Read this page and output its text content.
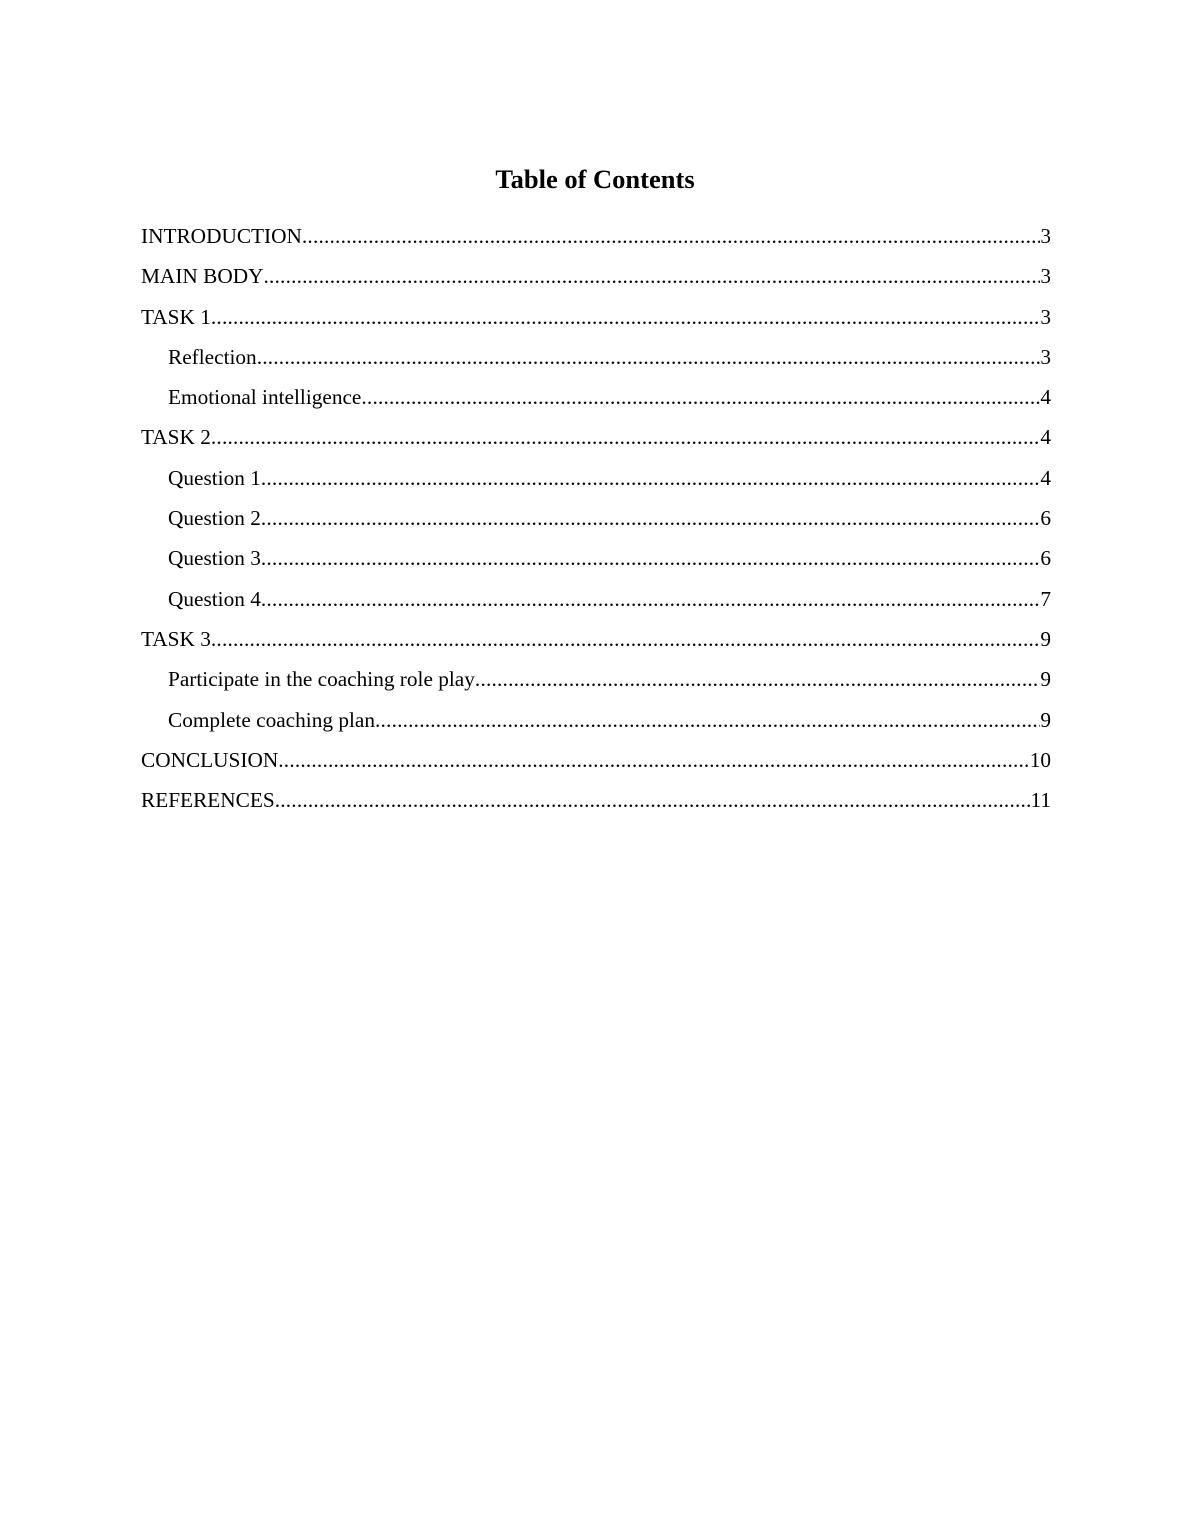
Table of Contents
INTRODUCTION .....	3
MAIN BODY .....	3
TASK 1 .....	3
Reflection .....	3
Emotional intelligence .....	4
TASK 2 .....	4
Question 1 .....	4
Question 2 .....	6
Question 3 .....	6
Question 4 .....	7
TASK 3 .....	9
Participate in the coaching role play .....	9
Complete coaching plan .....	9
CONCLUSION .....	10
REFERENCES .....	11
